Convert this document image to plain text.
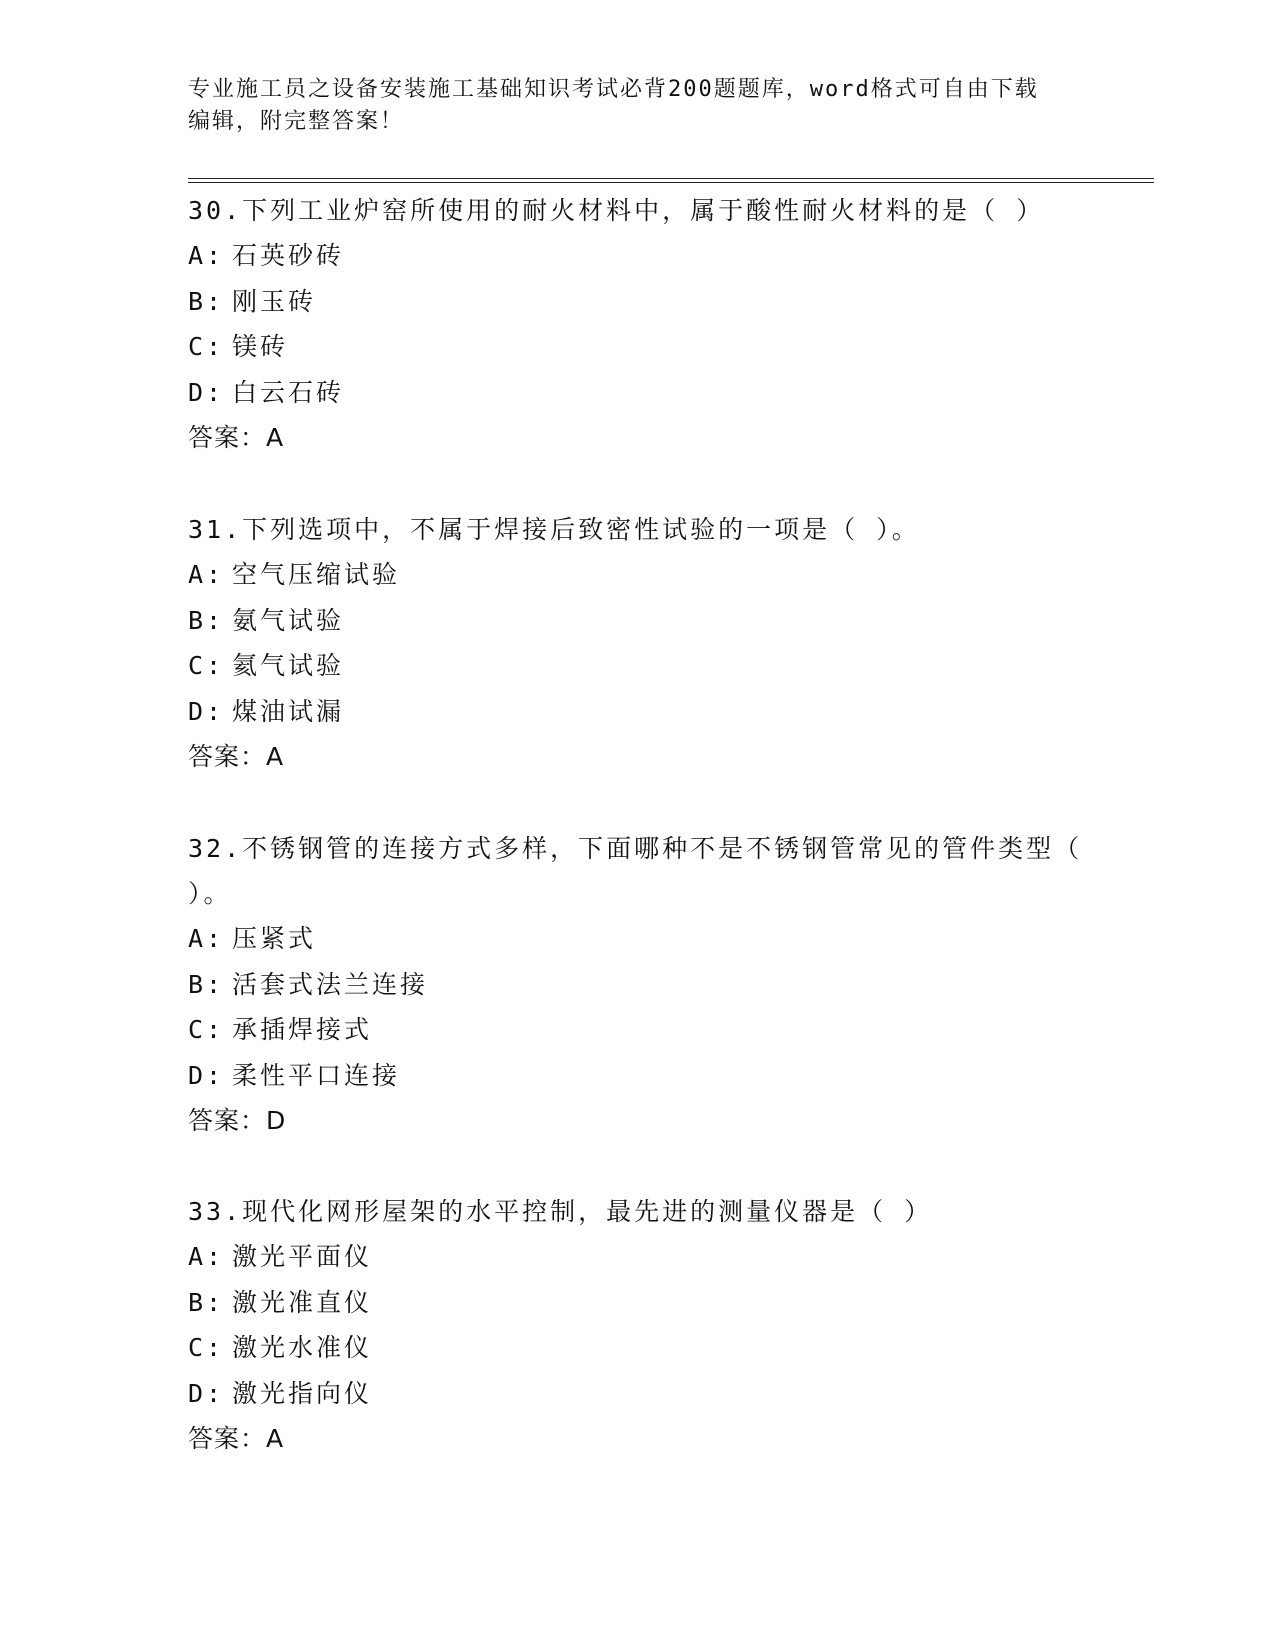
专业施工员之设备安装施工基础知识考试必背200题题库，word格式可自由下载
编辑，附完整答案！
30.下列工业炉窑所使用的耐火材料中，属于酸性耐火材料的是（ ）
A: 石英砂砖
B: 刚玉砖
C: 镁砖
D: 白云石砖
答案：A
31.下列选项中，不属于焊接后致密性试验的一项是（ ）。
A: 空气压缩试验
B: 氨气试验
C: 氦气试验
D: 煤油试漏
答案：A
32.不锈钢管的连接方式多样，下面哪种不是不锈钢管常见的管件类型（ ）。
A: 压紧式
B: 活套式法兰连接
C: 承插焊接式
D: 柔性平口连接
答案：D
33.现代化网形屋架的水平控制，最先进的测量仪器是（ ）
A: 激光平面仪
B: 激光准直仪
C: 激光水准仪
D: 激光指向仪
答案：A
